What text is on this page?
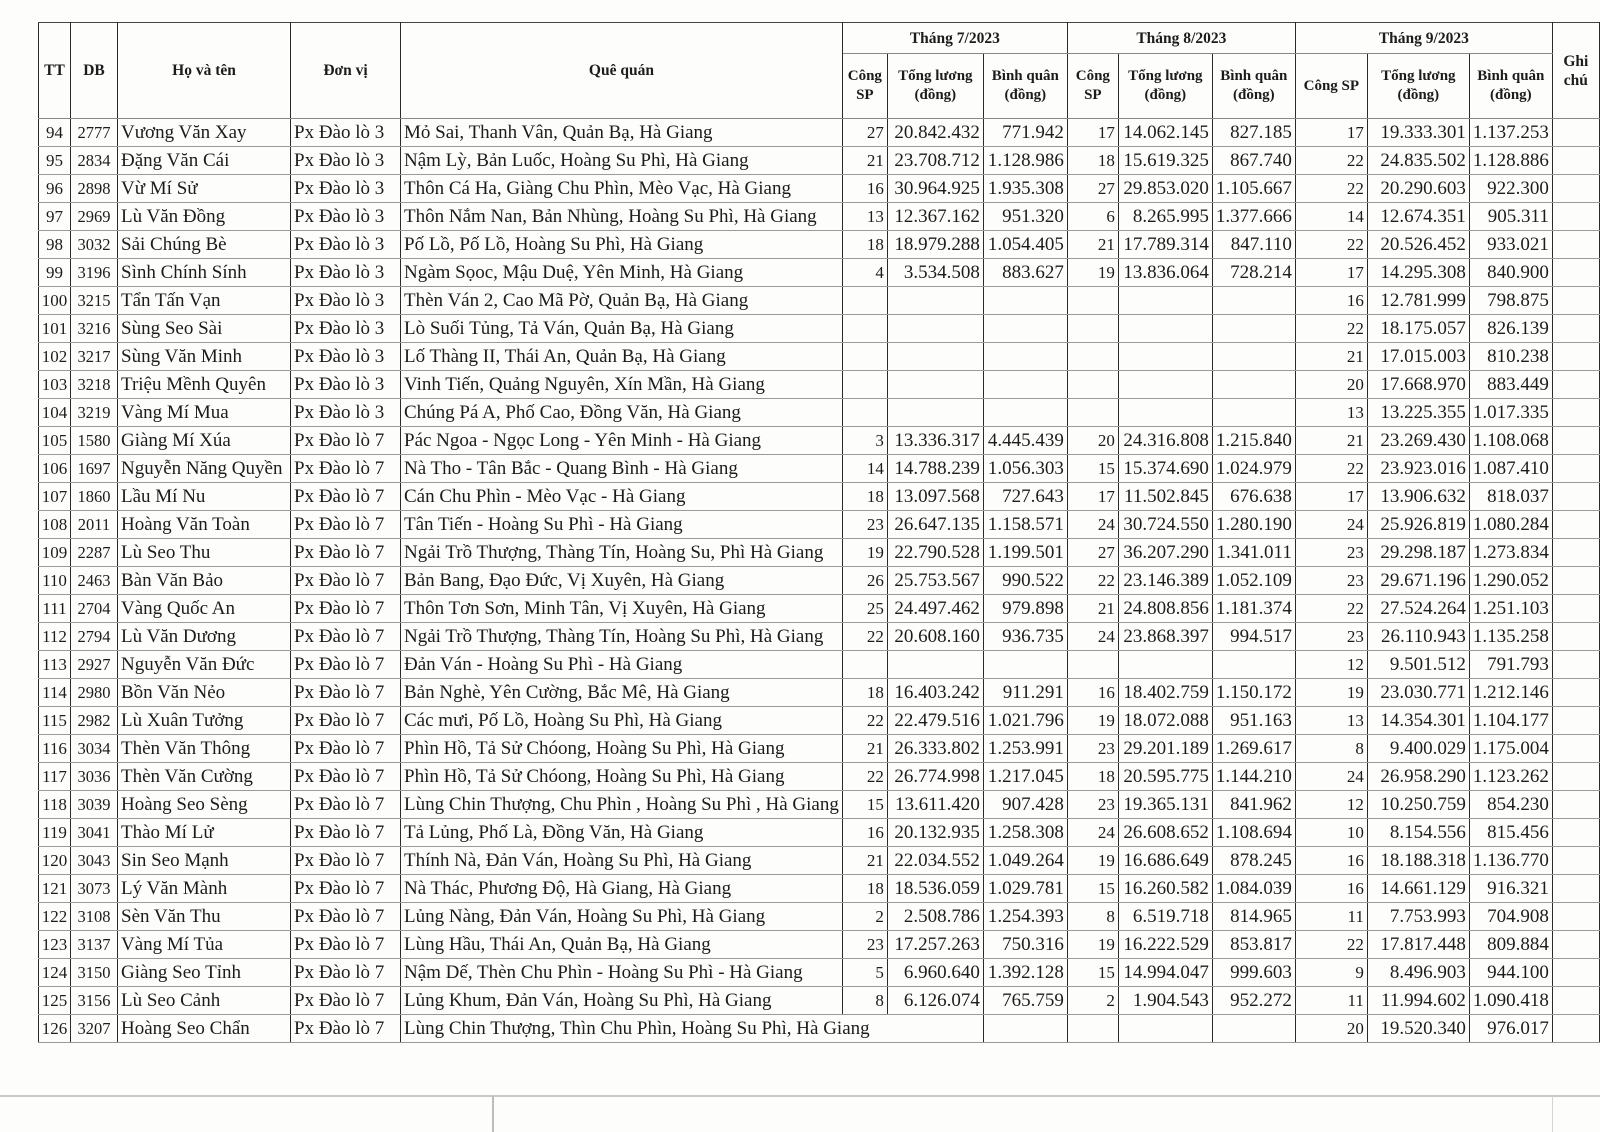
TT	DB	Họ và tên	Đơn vị	Quê quán	Tháng 7/2023			Tháng 8/2023			Tháng 9/2023			Ghi chú
					Công SP	Tổng lương (đồng)	Bình quân (đồng)	Công SP	Tổng lương (đồng)	Bình quân (đồng)	Công SP	Tổng lương (đồng)	Bình quân (đồng)	
94	2777	Vương Văn Xay	Px Đào lò 3	Mỏ Sai, Thanh Vân, Quản Bạ, Hà Giang	27	20.842.432	771.942	17	14.062.145	827.185	17	19.333.301	1.137.253	
95	2834	Đặng Văn Cái	Px Đào lò 3	Nậm Lỳ, Bản Luốc, Hoàng Su Phì, Hà Giang	21	23.708.712	1.128.986	18	15.619.325	867.740	22	24.835.502	1.128.886	
96	2898	Vừ Mí Sử	Px Đào lò 3	Thôn Cá Ha, Giàng Chu Phìn, Mèo Vạc, Hà Giang	16	30.964.925	1.935.308	27	29.853.020	1.105.667	22	20.290.603	922.300	
97	2969	Lù Văn Đồng	Px Đào lò 3	Thôn Nắm Nan, Bản Nhùng, Hoàng Su Phì, Hà Giang	13	12.367.162	951.320	6	8.265.995	1.377.666	14	12.674.351	905.311	
98	3032	Sải Chúng Bè	Px Đào lò 3	Pố Lồ, Pố Lồ, Hoàng Su Phì, Hà Giang	18	18.979.288	1.054.405	21	17.789.314	847.110	22	20.526.452	933.021	
99	3196	Sình Chính Sính	Px Đào lò 3	Ngàm Sọoc, Mậu Duệ, Yên Minh, Hà Giang	4	3.534.508	883.627	19	13.836.064	728.214	17	14.295.308	840.900	
100	3215	Tẩn Tấn Vạn	Px Đào lò 3	Thèn Ván 2, Cao Mã Pờ, Quản Bạ, Hà Giang							16	12.781.999	798.875	
101	3216	Sùng Seo Sài	Px Đào lò 3	Lò Suối Tủng, Tả Ván, Quản Bạ, Hà Giang							22	18.175.057	826.139	
102	3217	Sùng Văn Minh	Px Đào lò 3	Lố Thàng II, Thái An, Quản Bạ, Hà Giang							21	17.015.003	810.238	
103	3218	Triệu Mềnh Quyên	Px Đào lò 3	Vinh Tiến, Quảng Nguyên, Xín Mần, Hà Giang							20	17.668.970	883.449	
104	3219	Vàng Mí Mua	Px Đào lò 3	Chúng Pá A, Phố Cao, Đồng Văn, Hà Giang							13	13.225.355	1.017.335	
105	1580	Giàng Mí Xúa	Px Đào lò 7	Pác Ngoa - Ngọc Long - Yên Minh - Hà Giang	3	13.336.317	4.445.439	20	24.316.808	1.215.840	21	23.269.430	1.108.068	
106	1697	Nguyễn Năng Quyền	Px Đào lò 7	Nà Tho - Tân Bắc - Quang Bình - Hà Giang	14	14.788.239	1.056.303	15	15.374.690	1.024.979	22	23.923.016	1.087.410	
107	1860	Lầu Mí Nu	Px Đào lò 7	Cán Chu Phìn - Mèo Vạc - Hà Giang	18	13.097.568	727.643	17	11.502.845	676.638	17	13.906.632	818.037	
108	2011	Hoàng Văn Toàn	Px Đào lò 7	Tân Tiến - Hoàng Su Phì - Hà Giang	23	26.647.135	1.158.571	24	30.724.550	1.280.190	24	25.926.819	1.080.284	
109	2287	Lù Seo Thu	Px Đào lò 7	Ngải Trồ Thượng, Thàng Tín, Hoàng Su, Phì Hà Giang	19	22.790.528	1.199.501	27	36.207.290	1.341.011	23	29.298.187	1.273.834	
110	2463	Bàn Văn Bảo	Px Đào lò 7	Bản Bang, Đạo Đức, Vị Xuyên, Hà Giang	26	25.753.567	990.522	22	23.146.389	1.052.109	23	29.671.196	1.290.052	
111	2704	Vàng Quốc An	Px Đào lò 7	Thôn Tơn Sơn, Minh Tân, Vị Xuyên, Hà Giang	25	24.497.462	979.898	21	24.808.856	1.181.374	22	27.524.264	1.251.103	
112	2794	Lù Văn Dương	Px Đào lò 7	Ngải Trồ Thượng, Thàng Tín, Hoàng Su Phì, Hà Giang	22	20.608.160	936.735	24	23.868.397	994.517	23	26.110.943	1.135.258	
113	2927	Nguyễn Văn Đức	Px Đào lò 7	Đản Ván - Hoàng Su Phì - Hà Giang							12	9.501.512	791.793	
114	2980	Bồn Văn Nẻo	Px Đào lò 7	Bản Nghè, Yên Cường, Bắc Mê, Hà Giang	18	16.403.242	911.291	16	18.402.759	1.150.172	19	23.030.771	1.212.146	
115	2982	Lù Xuân Tưởng	Px Đào lò 7	Các mưi, Pố Lồ, Hoàng Su Phì, Hà Giang	22	22.479.516	1.021.796	19	18.072.088	951.163	13	14.354.301	1.104.177	
116	3034	Thèn Văn Thông	Px Đào lò 7	Phìn Hồ, Tả Sử Chóong, Hoàng Su Phì, Hà Giang	21	26.333.802	1.253.991	23	29.201.189	1.269.617	8	9.400.029	1.175.004	
117	3036	Thèn Văn Cường	Px Đào lò 7	Phìn Hồ, Tả Sử Chóong, Hoàng Su Phì, Hà Giang	22	26.774.998	1.217.045	18	20.595.775	1.144.210	24	26.958.290	1.123.262	
118	3039	Hoàng Seo Sèng	Px Đào lò 7	Lùng Chin Thượng, Chu Phìn , Hoàng Su Phì , Hà Giang	15	13.611.420	907.428	23	19.365.131	841.962	12	10.250.759	854.230	
119	3041	Thào Mí Lử	Px Đào lò 7	Tả Lủng, Phố Là, Đồng Văn, Hà Giang	16	20.132.935	1.258.308	24	26.608.652	1.108.694	10	8.154.556	815.456	
120	3043	Sin Seo Mạnh	Px Đào lò 7	Thính Nà, Đản Ván, Hoàng Su Phì, Hà Giang	21	22.034.552	1.049.264	19	16.686.649	878.245	16	18.188.318	1.136.770	
121	3073	Lý Văn Mành	Px Đào lò 7	Nà Thác, Phương Độ, Hà Giang, Hà Giang	18	18.536.059	1.029.781	15	16.260.582	1.084.039	16	14.661.129	916.321	
122	3108	Sèn Văn Thu	Px Đào lò 7	Lủng Nàng, Đản Ván, Hoàng Su Phì, Hà Giang	2	2.508.786	1.254.393	8	6.519.718	814.965	11	7.753.993	704.908	
123	3137	Vàng Mí Tủa	Px Đào lò 7	Lùng Hầu, Thái An, Quản Bạ, Hà Giang	23	17.257.263	750.316	19	16.222.529	853.817	22	17.817.448	809.884	
124	3150	Giàng Seo Tỉnh	Px Đào lò 7	Nậm Dế, Thèn Chu Phìn - Hoàng Su Phì - Hà Giang	5	6.960.640	1.392.128	15	14.994.047	999.603	9	8.496.903	944.100	
125	3156	Lù Seo Cảnh	Px Đào lò 7	Lủng Khum, Đản Ván, Hoàng Su Phì, Hà Giang	8	6.126.074	765.759	2	1.904.543	952.272	11	11.994.602	1.090.418	
126	3207	Hoàng Seo Chẩn	Px Đào lò 7	Lùng Chin Thượng, Thìn Chu Phìn, Hoàng Su Phì, Hà Giang							20	19.520.340	976.017	
